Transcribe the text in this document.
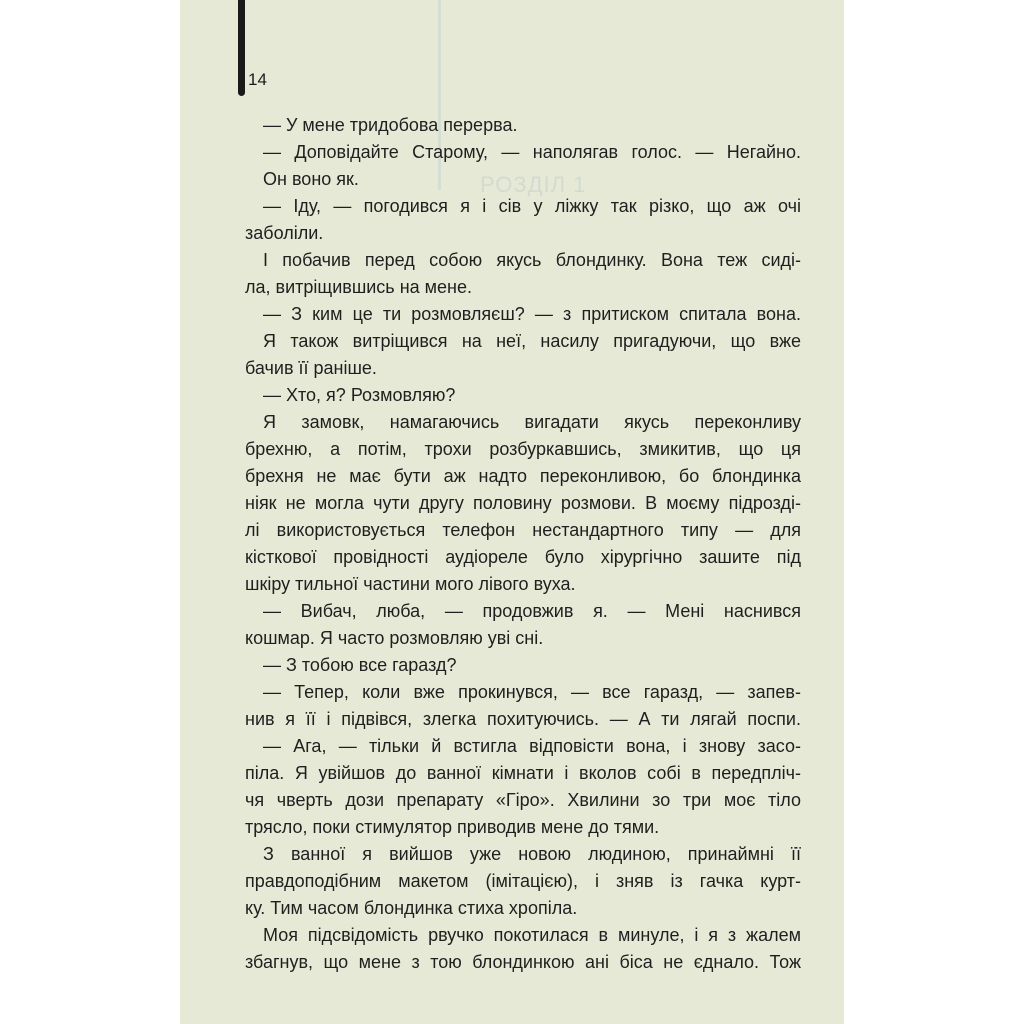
РОЗДІЛ 1
14
— У мене тридобова перерва.
— Доповідайте Старому, — наполягав голос. — Негайно.
Он воно як.
— Іду, — погодився я і сів у ліжку так різко, що аж очі
заболіли.
І побачив перед собою якусь блондинку. Вона теж сиді-
ла, витріщившись на мене.
— З ким це ти розмовляєш? — з притиском спитала вона.
Я також витріщився на неї, насилу пригадуючи, що вже
бачив її раніше.
— Хто, я? Розмовляю?
Я замовк, намагаючись вигадати якусь переконливу
брехню, а потім, трохи розбуркавшись, змикитив, що ця
брехня не має бути аж надто переконливою, бо блондинка
ніяк не могла чути другу половину розмови. В моєму підрозді-
лі використовується телефон нестандартного типу — для
кісткової провідності аудіореле було хірургічно зашите під
шкіру тильної частини мого лівого вуха.
— Вибач, люба, — продовжив я. — Мені наснився
кошмар. Я часто розмовляю уві сні.
— З тобою все гаразд?
— Тепер, коли вже прокинувся, — все гаразд, — запев-
нив я її і підвівся, злегка похитуючись. — А ти лягай поспи.
— Ага, — тільки й встигла відповісти вона, і знову засо-
піла. Я увійшов до ванної кімнати і вколов собі в передпліч-
чя чверть дози препарату «Гіро». Хвилини зо три моє тіло
трясло, поки стимулятор приводив мене до тями.
З ванної я вийшов уже новою людиною, принаймні її
правдоподібним макетом (імітацією), і зняв із гачка курт-
ку. Тим часом блондинка стиха хропіла.
Моя підсвідомість рвучко покотилася в минуле, і я з жалем
збагнув, що мене з тою блондинкою ані біса не єднало. Тож
